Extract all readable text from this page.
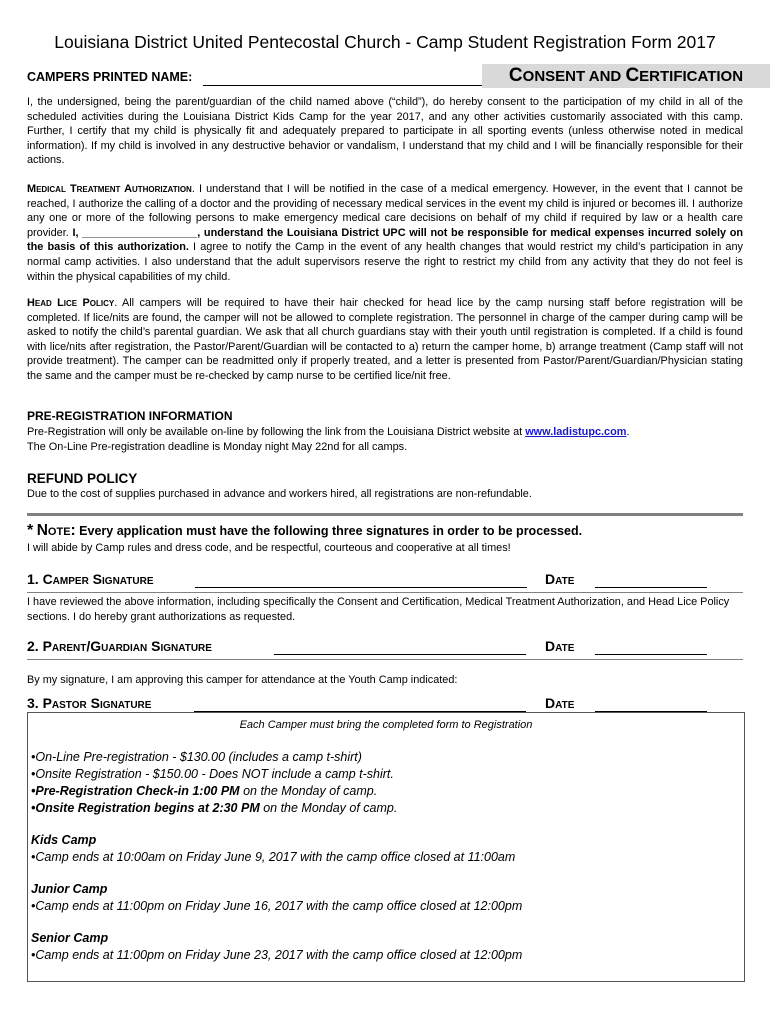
Louisiana District United Pentecostal Church - Camp Student Registration Form 2017
CAMPERS PRINTED NAME:	CONSENT AND CERTIFICATION
I, the undersigned, being the parent/guardian of the child named above (“child”), do hereby consent to the participation of my child in all of the scheduled activities during the Louisiana District Kids Camp for the year 2017, and any other activities customarily associated with this camp. Further, I certify that my child is physically fit and adequately prepared to participate in all sporting events (unless otherwise noted in medical information). If my child is involved in any destructive behavior or vandalism, I understand that my child and I will be financially responsible for their actions.
Medical Treatment Authorization. I understand that I will be notified in the case of a medical emergency. However, in the event that I cannot be reached, I authorize the calling of a doctor and the providing of necessary medical services in the event my child is injured or becomes ill. I authorize any one or more of the following persons to make emergency medical care decisions on behalf of my child if required by law or a health care provider. I, ___________________, understand the Louisiana District UPC will not be responsible for medical expenses incurred solely on the basis of this authorization. I agree to notify the Camp in the event of any health changes that would restrict my child’s participation in any normal camp activities. I also understand that the adult supervisors reserve the right to restrict my child from any activity that they do not feel is within the physical capabilities of my child.
Head Lice Policy. All campers will be required to have their hair checked for head lice by the camp nursing staff before registration will be completed. If lice/nits are found, the camper will not be allowed to complete registration. The personnel in charge of the camper during camp will be asked to notify the child’s parental guardian. We ask that all church guardians stay with their youth until registration is completed. If a child is found with lice/nits after registration, the Pastor/Parent/Guardian will be contacted to a) return the camper home, b) arrange treatment (Camp staff will not provide treatment). The camper can be readmitted only if properly treated, and a letter is presented from Pastor/Parent/Guardian/Physician stating the same and the camper must be re-checked by camp nurse to be certified lice/nit free.
PRE-REGISTRATION INFORMATION
Pre-Registration will only be available on-line by following the link from the Louisiana District website at www.ladistupc.com.
The On-Line Pre-registration deadline is Monday night May 22nd for all camps.
REFUND POLICY
Due to the cost of supplies purchased in advance and workers hired, all registrations are non-refundable.
* Note: Every application must have the following three signatures in order to be processed.
I will abide by Camp rules and dress code, and be respectful, courteous and cooperative at all times!
1. Camper Signature	Date
I have reviewed the above information, including specifically the Consent and Certification, Medical Treatment Authorization, and Head Lice Policy sections. I do hereby grant authorizations as requested.
2. Parent/Guardian Signature	Date
By my signature, I am approving this camper for attendance at the Youth Camp indicated:
3. Pastor Signature	Date
Each Camper must bring the completed form to Registration
•On-Line Pre-registration - $130.00 (includes a camp t-shirt)
•Onsite Registration - $150.00 - Does NOT include a camp t-shirt.
•Pre-Registration Check-in 1:00 PM on the Monday of camp.
•Onsite Registration begins at 2:30 PM on the Monday of camp.
Kids Camp
•Camp ends at 10:00am on Friday June 9, 2017 with the camp office closed at 11:00am
Junior Camp
•Camp ends at 11:00pm on Friday June 16, 2017 with the camp office closed at 12:00pm
Senior Camp
•Camp ends at 11:00pm on Friday June 23, 2017 with the camp office closed at 12:00pm
